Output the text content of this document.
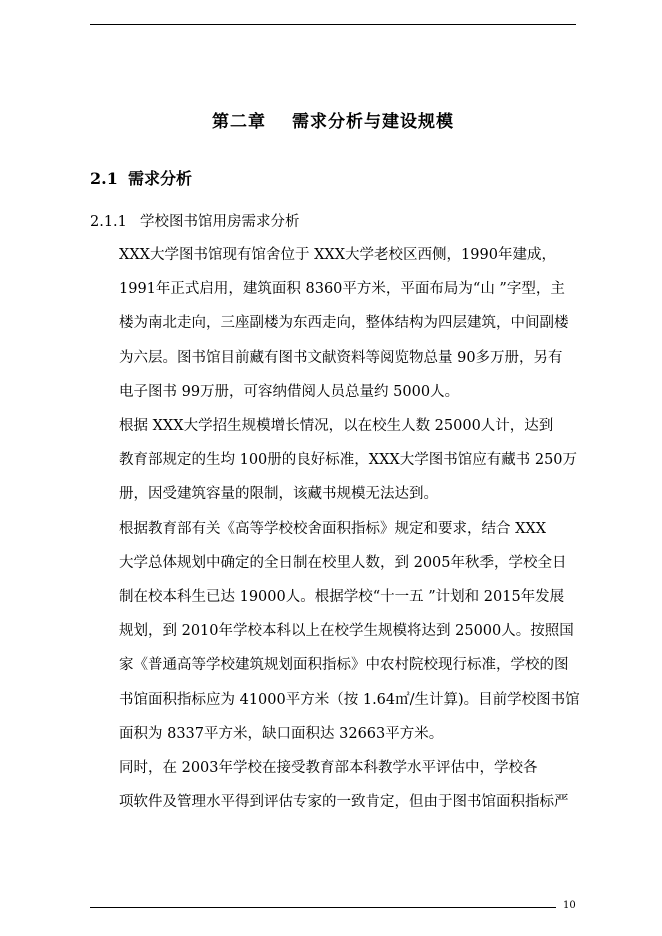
第二章 需求分析与建设规模
2.1 需求分析
2.1.1 学校图书馆用房需求分析

XXX大学图书馆现有馆舍位于 XXX大学老校区西侧，1990年建成，
1991年正式启用，建筑面积 8360平方米，平面布局为“山 ”字型，主
楼为南北走向，三座副楼为东西走向，整体结构为四层建筑，中间副楼
为六层。图书馆目前藏有图书文献资料等阅览物总量 90多万册，另有
电子图书 99万册，可容纳借阅人员总量约 5000人。

根据 XXX大学招生规模增长情况，以在校生人数 25000人计，达到
教育部规定的生均 100册的良好标准，XXX大学图书馆应有藏书 250万
册，因受建筑容量的限制，该藏书规模无法达到。

根据教育部有关《高等学校校舍面积指标》规定和要求，结合 XXX
大学总体规划中确定的全日制在校里人数，到 2005年秋季，学校全日
制在校本科生已达 19000人。根据学校“十一五 ”计划和 2015年发展
规划，到 2010年学校本科以上在校学生规模将达到 25000人。按照国
家《普通高等学校建筑规划面积指标》中农村院校现行标准，学校的图
书馆面积指标应为 41000平方米（按 1.64㎡/生计算)。目前学校图书馆
面积为 8337平方米，缺口面积达 32663平方米。

同时，在 2003年学校在接受教育部本科教学水平评估中，学校各
项软件及管理水平得到评估专家的一致肯定，但由于图书馆面积指标严

10
